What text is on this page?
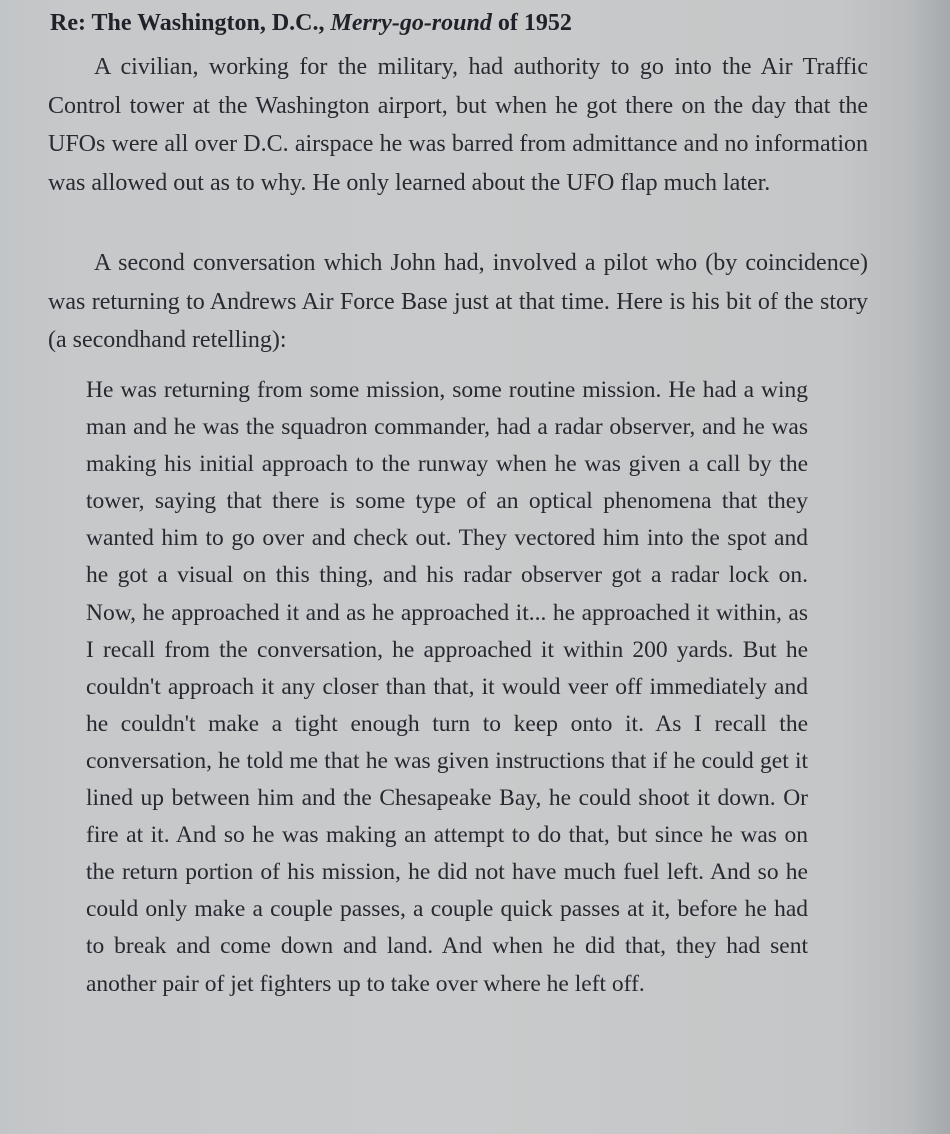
Re: The Washington, D.C., Merry-go-round of 1952

A civilian, working for the military, had authority to go into the Air Traffic Control tower at the Washington airport, but when he got there on the day that the UFOs were all over D.C. airspace he was barred from admittance and no information was allowed out as to why. He only learned about the UFO flap much later.

A second conversation which John had, involved a pilot who (by coincidence) was returning to Andrews Air Force Base just at that time. Here is his bit of the story (a secondhand retelling):

He was returning from some mission, some routine mission. He had a wing man and he was the squadron commander, had a radar observer, and he was making his initial approach to the runway when he was given a call by the tower, saying that there is some type of an optical phenomena that they wanted him to go over and check out. They vectored him into the spot and he got a visual on this thing, and his radar observer got a radar lock on. Now, he approached it and as he approached it... he approached it within, as I recall from the conversation, he approached it within 200 yards. But he couldn't approach it any closer than that, it would veer off immediately and he couldn't make a tight enough turn to keep onto it. As I recall the conversation, he told me that he was given instructions that if he could get it lined up between him and the Chesapeake Bay, he could shoot it down. Or fire at it. And so he was making an attempt to do that, but since he was on the return portion of his mission, he did not have much fuel left. And so he could only make a couple passes, a couple quick passes at it, before he had to break and come down and land. And when he did that, they had sent another pair of jet fighters up to take over where he left off.
